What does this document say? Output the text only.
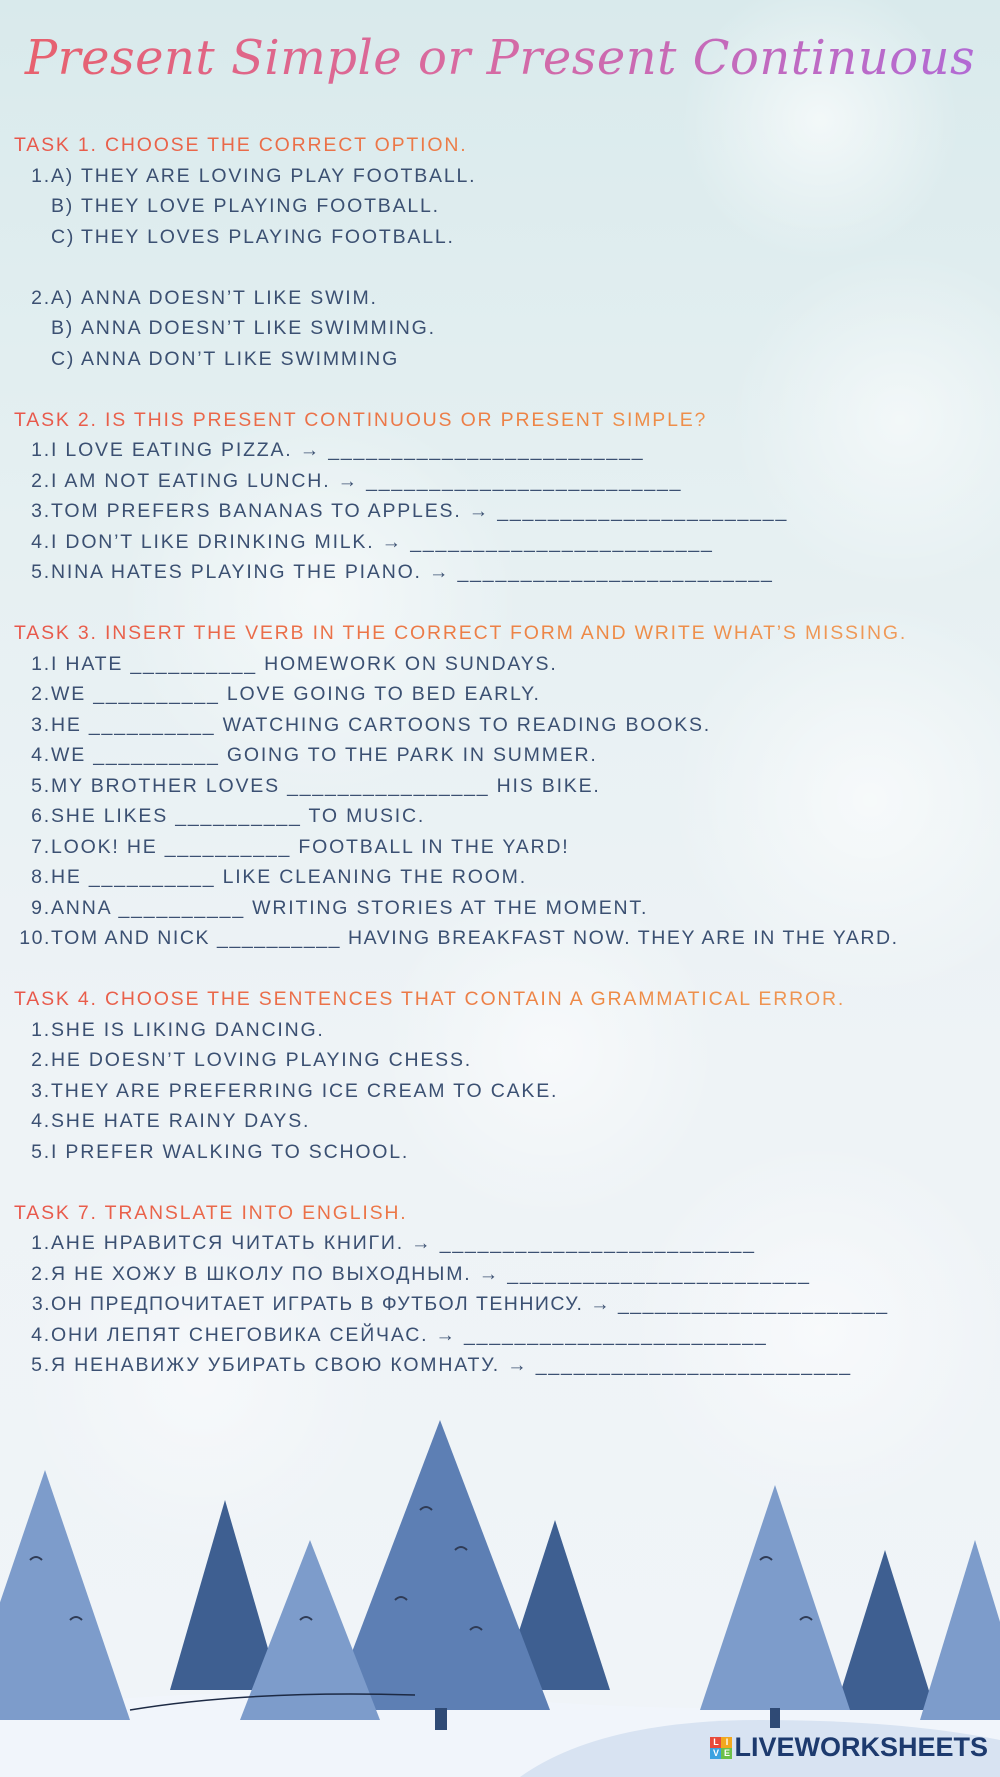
Present Simple or Present Continuous
TASK 1. CHOOSE THE CORRECT OPTION.
1.A) THEY ARE LOVING PLAY FOOTBALL.
B) THEY LOVE PLAYING FOOTBALL.
C) THEY LOVES PLAYING FOOTBALL.
2.A) ANNA DOESN’T LIKE SWIM.
B) ANNA DOESN’T LIKE SWIMMING.
C) ANNA DON’T LIKE SWIMMING
TASK 2. IS THIS PRESENT CONTINUOUS OR PRESENT SIMPLE?
1.I LOVE EATING PIZZA. → _________________________
2.I AM NOT EATING LUNCH. → _________________________
3.TOM PREFERS BANANAS TO APPLES. → _______________________
4.I DON’T LIKE DRINKING MILK. → ________________________
5.NINA HATES PLAYING THE PIANO. → _________________________
TASK 3. INSERT THE VERB IN THE CORRECT FORM AND WRITE WHAT’S MISSING.
1.I HATE __________ HOMEWORK ON SUNDAYS.
2.WE __________ LOVE GOING TO BED EARLY.
3.HE __________ WATCHING CARTOONS TO READING BOOKS.
4.WE __________ GOING TO THE PARK IN SUMMER.
5.MY BROTHER LOVES ________________ HIS BIKE.
6.SHE LIKES __________ TO MUSIC.
7.LOOK! HE __________ FOOTBALL IN THE YARD!
8.HE __________ LIKE CLEANING THE ROOM.
9.ANNA __________ WRITING STORIES AT THE MOMENT.
10.TOM AND NICK __________ HAVING BREAKFAST NOW. THEY ARE IN THE YARD.
TASK 4. CHOOSE THE SENTENCES THAT CONTAIN A GRAMMATICAL ERROR.
1.SHE IS LIKING DANCING.
2.HE DOESN’T LOVING PLAYING CHESS.
3.THEY ARE PREFERRING ICE CREAM TO CAKE.
4.SHE HATE RAINY DAYS.
5.I PREFER WALKING TO SCHOOL.
TASK 7. TRANSLATE INTO ENGLISH.
1.АНЕ НРАВИТСЯ ЧИТАТЬ КНИГИ. → _________________________
2.Я НЕ ХОЖУ В ШКОЛУ ПО ВЫХОДНЫМ. → ________________________
3.ОН ПРЕДПОЧИТАЕТ ИГРАТЬ В ФУТБОЛ ТЕННИСУ. → ______________________
4.ОНИ ЛЕПЯТ СНЕГОВИКА СЕЙЧАС. → ________________________
5.Я НЕНАВИЖУ УБИРАТЬ СВОЮ КОМНАТУ. → _________________________
L I
V E LIVEWORKSHEETS
